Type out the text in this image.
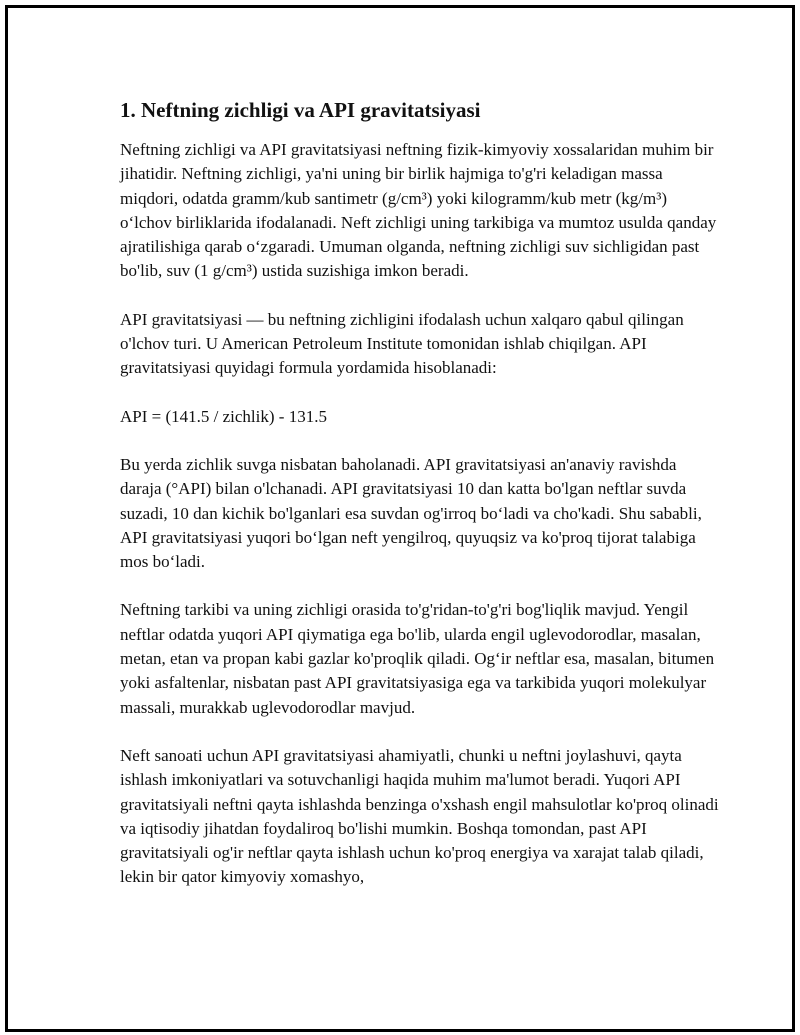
1. Neftning zichligi va API gravitatsiyasi

Neftning zichligi va API gravitatsiyasi neftning fizik-kimyoviy xossalaridan muhim bir jihatidir. Neftning zichligi, ya'ni uning bir birlik hajmiga to'g'ri keladigan massa miqdori, odatda gramm/kub santimetr (g/cm³) yoki kilogramm/kub metr (kg/m³) o‘lchov birliklarida ifodalanadi. Neft zichligi uning tarkibiga va mumtoz usulda qanday ajratilishiga qarab o‘zgaradi. Umuman olganda, neftning zichligi suv sichligidan past bo'lib, suv (1 g/cm³) ustida suzishiga imkon beradi.

API gravitatsiyasi — bu neftning zichligini ifodalash uchun xalqaro qabul qilingan o'lchov turi. U American Petroleum Institute tomonidan ishlab chiqilgan. API gravitatsiyasi quyidagi formula yordamida hisoblanadi:

API = (141.5 / zichlik) - 131.5

Bu yerda zichlik suvga nisbatan baholanadi. API gravitatsiyasi an'anaviy ravishda daraja (°API) bilan o'lchanadi. API gravitatsiyasi 10 dan katta bo'lgan neftlar suvda suzadi, 10 dan kichik bo'lganlari esa suvdan og'irroq bo‘ladi va cho'kadi. Shu sababli, API gravitatsiyasi yuqori bo‘lgan neft yengilroq, quyuqsiz va ko'proq tijorat talabiga mos bo‘ladi.

Neftning tarkibi va uning zichligi orasida to'g'ridan-to'g'ri bog'liqlik mavjud. Yengil neftlar odatda yuqori API qiymatiga ega bo'lib, ularda engil uglevodorodlar, masalan, metan, etan va propan kabi gazlar ko'proqlik qiladi. Og‘ir neftlar esa, masalan, bitumen yoki asfaltenlar, nisbatan past API gravitatsiyasiga ega va tarkibida yuqori molekulyar massali, murakkab uglevodorodlar mavjud.

Neft sanoati uchun API gravitatsiyasi ahamiyatli, chunki u neftni joylashuvi, qayta ishlash imkoniyatlari va sotuvchanligi haqida muhim ma'lumot beradi. Yuqori API gravitatsiyali neftni qayta ishlashda benzinga o'xshash engil mahsulotlar ko'proq olinadi va iqtisodiy jihatdan foydaliroq bo'lishi mumkin. Boshqa tomondan, past API gravitatsiyali og'ir neftlar qayta ishlash uchun ko'proq energiya va xarajat talab qiladi, lekin bir qator kimyoviy xomashyo,
